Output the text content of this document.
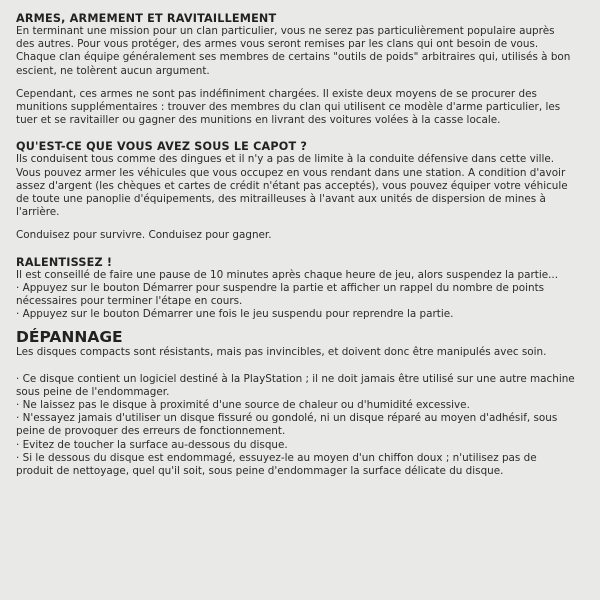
ARMES, ARMEMENT ET RAVITAILLEMENT

En terminant une mission pour un clan particulier, vous ne serez pas particulièrement populaire auprès des autres. Pour vous protéger, des armes vous seront remises par les clans qui ont besoin de vous. Chaque clan équipe généralement ses membres de certains "outils de poids" arbitraires qui, utilisés à bon escient, ne tolèrent aucun argument.

Cependant, ces armes ne sont pas indéfiniment chargées. Il existe deux moyens de se procurer des munitions supplémentaires : trouver des membres du clan qui utilisent ce modèle d'arme particulier, les tuer et se ravitailler ou gagner des munitions en livrant des voitures volées à la casse locale.

QU'EST-CE QUE VOUS AVEZ SOUS LE CAPOT ?

Ils conduisent tous comme des dingues et il n'y a pas de limite à la conduite défensive dans cette ville. Vous pouvez armer les véhicules que vous occupez en vous rendant dans une station. A condition d'avoir assez d'argent (les chèques et cartes de crédit n'étant pas acceptés), vous pouvez équiper votre véhicule de toute une panoplie d'équipements, des mitrailleuses à l'avant aux unités de dispersion de mines à l'arrière.

Conduisez pour survivre. Conduisez pour gagner.

RALENTISSEZ !

Il est conseillé de faire une pause de 10 minutes après chaque heure de jeu, alors suspendez la partie...

· Appuyez sur le bouton Démarrer pour suspendre la partie et afficher un rappel du nombre de points nécessaires pour terminer l'étape en cours.
· Appuyez sur le bouton Démarrer une fois le jeu suspendu pour reprendre la partie.
DÉPANNAGE

Les disques compacts sont résistants, mais pas invincibles, et doivent donc être manipulés avec soin.

· Ce disque contient un logiciel destiné à la PlayStation ; il ne doit jamais être utilisé sur une autre machine sous peine de l'endommager.
· Ne laissez pas le disque à proximité d'une source de chaleur ou d'humidité excessive.
· N'essayez jamais d'utiliser un disque fissuré ou gondolé, ni un disque réparé au moyen d'adhésif, sous peine de provoquer des erreurs de fonctionnement.
· Evitez de toucher la surface au-dessous du disque.
· Si le dessous du disque est endommagé, essuyez-le au moyen d'un chiffon doux ; n'utilisez pas de produit de nettoyage, quel qu'il soit, sous peine d'endommager la surface délicate du disque.
